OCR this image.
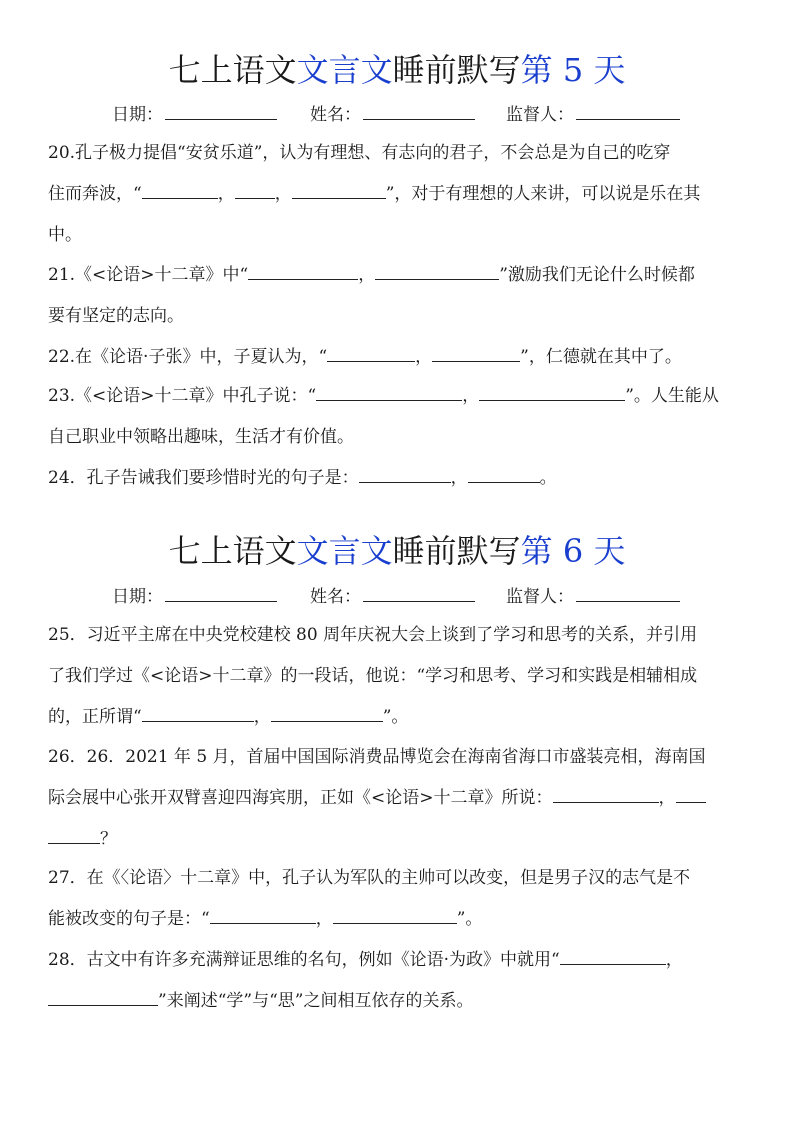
七上语文文言文睡前默写第 5 天
日期：	姓名：	监督人：
20.孔子极力提倡“安贫乐道”，认为有理想、有志向的君子，不会总是为自己的吃穿
住而奔波，“	， ，	”，对于有理想的人来讲，可以说是乐在其
中。
21.《<论语>十二章》中“	，	”激励我们无论什么时候都
要有坚定的志向。
22.在《论语·子张》中，子夏认为，“	，	”，仁德就在其中了。
23.《<论语>十二章》中孔子说：“	，	”。人生能从
自己职业中领略出趣味，生活才有价值。
24．孔子告诫我们要珍惜时光的句子是：	，	。
七上语文文言文睡前默写第 6 天
日期：	姓名：	监督人：
25．习近平主席在中央党校建校 80 周年庆祝大会上谈到了学习和思考的关系，并引用
了我们学过《<论语>十二章》的一段话，他说：“学习和思考、学习和实践是相辅相成
的，正所谓“	，	”。
26．26．2021 年 5 月，首届中国国际消费品博览会在海南省海口市盛装亮相，海南国
际会展中心张开双臂喜迎四海宾朋，正如《<论语>十二章》所说：	，
？
27．在《〈论语〉十二章》中，孔子认为军队的主帅可以改变，但是男子汉的志气是不
能被改变的句子是：“	，	”。
28．古文中有许多充满辩证思维的名句，例如《论语·为政》中就用“	，
”来阐述“学”与“思”之间相互依存的关系。
